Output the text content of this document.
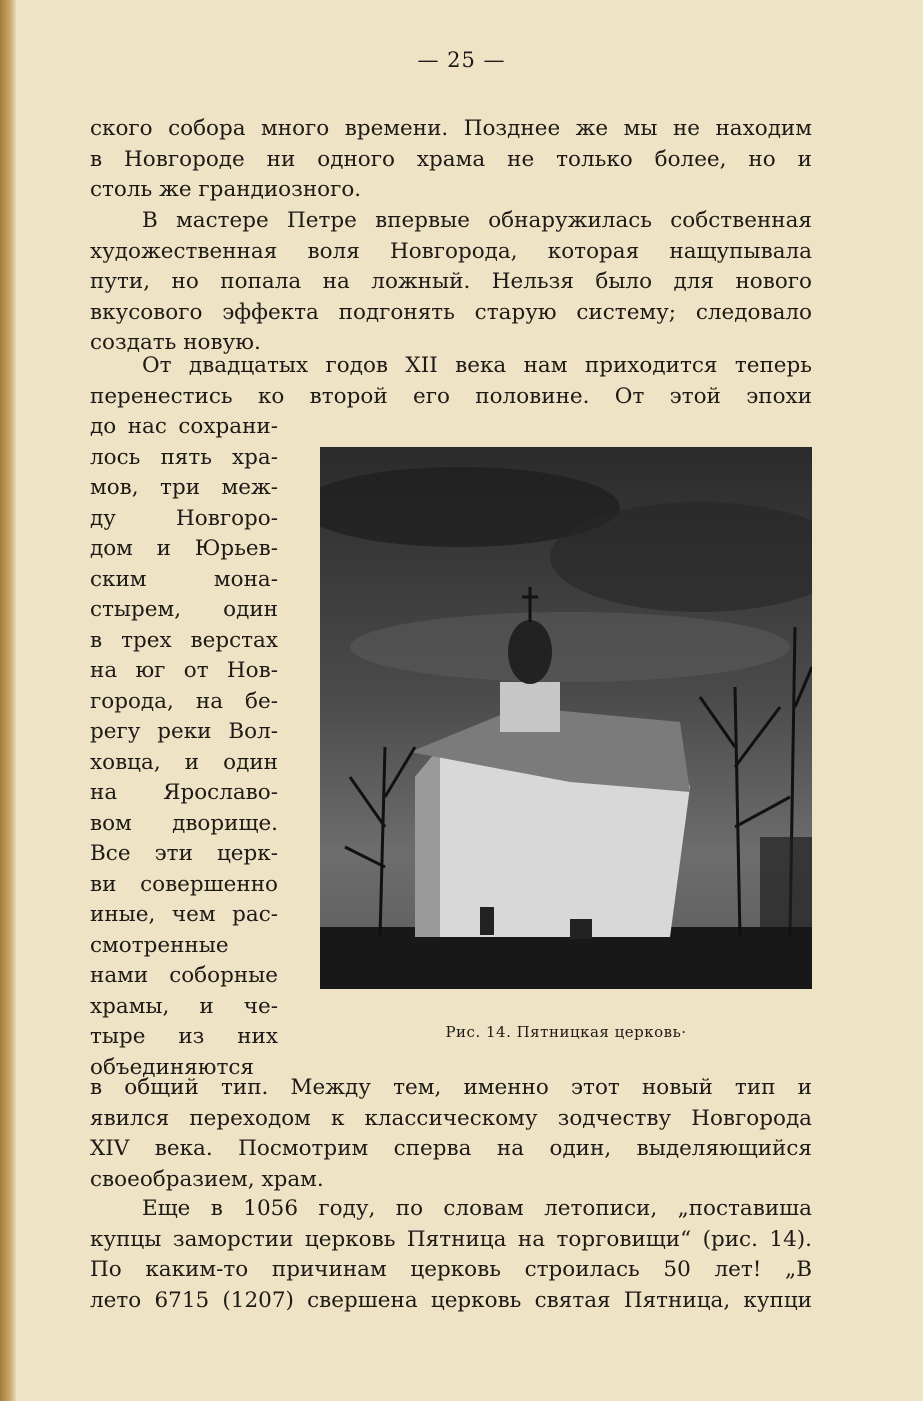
— 25 —
ского собора много времени. Позднее же мы не находим
в Новгороде ни одного храма не только более, но и
столь же грандиозного.
В мастере Петре впервые обнаружилась собственная
художественная воля Новгорода, которая нащупывала
пути, но попала на ложный. Нельзя было для нового
вкусового эффекта подгонять старую систему; следовало
создать новую.
От двадцатых годов XII века нам приходится теперь
перенестись ко второй его половине. От этой эпохи
до нас сохрани-
лось пять хра-
мов, три меж-
ду Новгоро-
дом и Юрьев-
ским мона-
стырем, один
в трех верстах
на юг от Нов-
города, на бе-
регу реки Вол-
ховца, и один
на Ярославо-
вом дворище.
Все эти церк-
ви совершенно
иные, чем рас-
смотренные
нами соборные
храмы, и че-
тыре из них
объединяются
Рис. 14. Пятницкая церковь·
в общий тип. Между тем, именно этот новый тип и
явился переходом к классическому зодчеству Новгорода
XIV века. Посмотрим сперва на один, выделяющийся
своеобразием, храм.
Еще в 1056 году, по словам летописи, „поставиша
купцы заморстии церковь Пятница на торговищи“ (рис. 14).
По каким-то причинам церковь строилась 50 лет! „В
лето 6715 (1207) свершена церковь святая Пятница, купци
